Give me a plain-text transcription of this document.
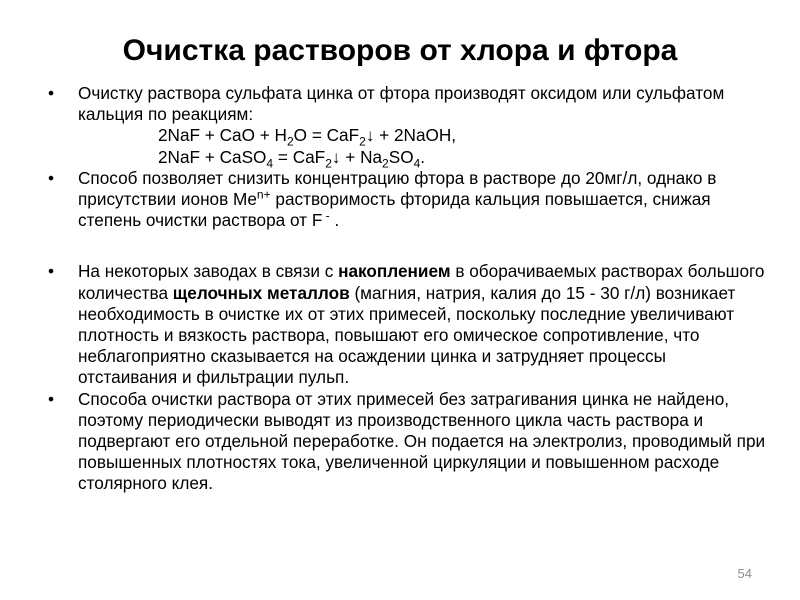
Очистка растворов от хлора и фтора
•	Очистку раствора сульфата цинка от фтора производят оксидом или сульфатом кальция по реакциям:
2NaF + CaO + $H_2O$ = CaF$_2$↓ + 2NaOH,
2NaF + CaSO$_4$ = CaF$_2$↓ + $Na_2SO_4$.
•	Способ позволяет снизить концентрацию фтора в растворе до 20мг/л, однако в присутствии ионов $Me^{n+}$ растворимость фторида кальция повышается, снижая степень очистки раствора от F - .
•	На некоторых заводах в связи с накоплением в оборачиваемых растворах большого количества щелочных металлов (магния, натрия, калия до 15 - 30 г/л) возникает необходимость в очистке их от этих примесей, поскольку последние увеличивают плотность и вязкость раствора, повышают его омическое сопротивление, что неблагоприятно сказывается на осаждении цинка и затрудняет процессы отстаивания и фильтрации пульп.
•	Способа очистки раствора от этих примесей без затрагивания цинка не найдено, поэтому периодически выводят из производственного цикла часть раствора и подвергают его отдельной переработке. Он подается на электролиз, проводимый при повышенных плотностях тока, увеличенной циркуляции и повышенном расходе столярного клея.
54
